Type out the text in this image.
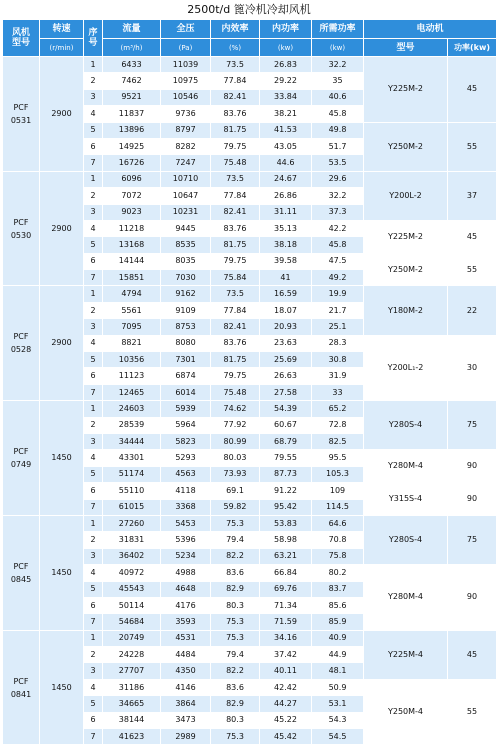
2500t/d 篦冷机冷却风机
风机型号	转速	序号	流量	全压	内效率	内功率	所需功率	电动机	
	(r/min)		(m³/h)	(Pa)	(%)	(kw)	(kw)	型号	功率(kw)

PCF 0531	2900	1	6433	11039	73.5	26.83	32.2	Y225M-2	45
		2	7462	10975	77.84	29.22	35		
		3	9521	10546	82.41	33.84	40.6		
		4	11837	9736	83.76	38.21	45.8		
		5	13896	8797	81.75	41.53	49.8	Y250M-2	55
		6	14925	8282	79.75	43.05	51.7		
		7	16726	7247	75.48	44.6	53.5		

PCF 0530	2900	1	6096	10710	73.5	24.67	29.6	Y200L-2	37
		2	7072	10647	77.84	26.86	32.2		
		3	9023	10231	82.41	31.11	37.3		
		4	11218	9445	83.76	35.13	42.2	Y225M-2	45
		5	13168	8535	81.75	38.18	45.8		
		6	14144	8035	79.75	39.58	47.5	Y250M-2	55
		7	15851	7030	75.84	41	49.2		

PCF 0528	2900	1	4794	9162	73.5	16.59	19.9	Y180M-2	22
		2	5561	9109	77.84	18.07	21.7		
		3	7095	8753	82.41	20.93	25.1		
		4	8821	8080	83.76	23.63	28.3	Y200L₁-2	30
		5	10356	7301	81.75	25.69	30.8		
		6	11123	6874	79.75	26.63	31.9		
		7	12465	6014	75.48	27.58	33		

PCF 0749	1450	1	24603	5939	74.62	54.39	65.2	Y280S-4	75
		2	28539	5964	77.92	60.67	72.8		
		3	34444	5823	80.99	68.79	82.5		
		4	43301	5293	80.03	79.55	95.5	Y280M-4	90
		5	51174	4563	73.93	87.73	105.3		
		6	55110	4118	69.1	91.22	109	Y315S-4	90
		7	61015	3368	59.82	95.42	114.5		

PCF 0845	1450	1	27260	5453	75.3	53.83	64.6	Y280S-4	75
		2	31831	5396	79.4	58.98	70.8		
		3	36402	5234	82.2	63.21	75.8		
		4	40972	4988	83.6	66.84	80.2	Y280M-4	90
		5	45543	4648	82.9	69.76	83.7		
		6	50114	4176	80.3	71.34	85.6		
		7	54684	3593	75.3	71.59	85.9		

PCF 0841	1450	1	20749	4531	75.3	34.16	40.9	Y225M-4	45
		2	24228	4484	79.4	37.42	44.9		
		3	27707	4350	82.2	40.11	48.1		
		4	31186	4146	83.6	42.42	50.9	Y250M-4	55
		5	34665	3864	82.9	44.27	53.1		
		6	38144	3473	80.3	45.22	54.3		
		7	41623	2989	75.3	45.42	54.5		
